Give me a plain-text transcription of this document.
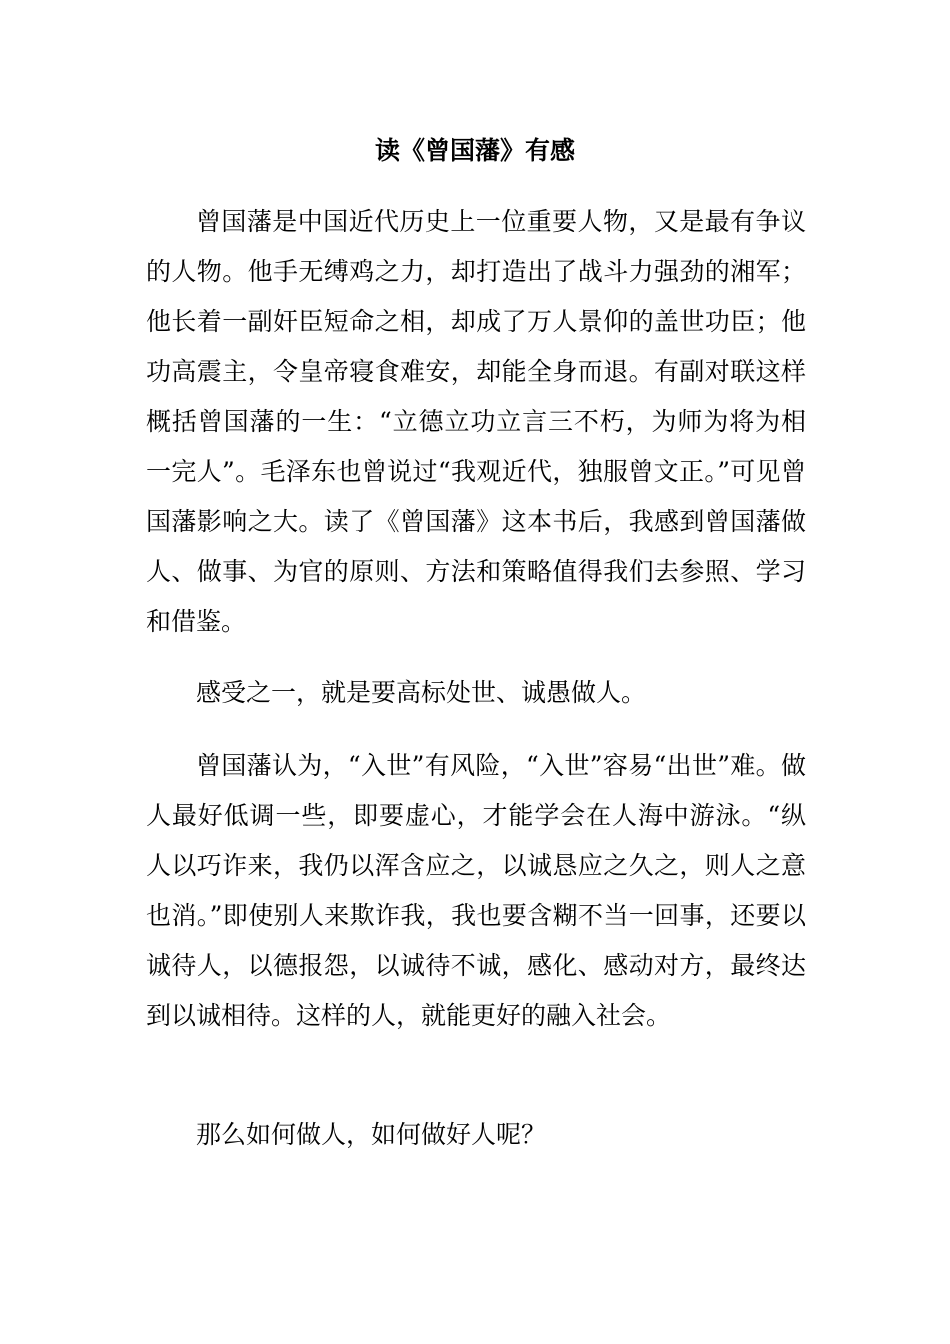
读《曾国藩》有感

曾国藩是中国近代历史上一位重要人物，又是最有争议的人物。他手无缚鸡之力，却打造出了战斗力强劲的湘军；他长着一副奸臣短命之相，却成了万人景仰的盖世功臣；他功高震主，令皇帝寝食难安，却能全身而退。有副对联这样概括曾国藩的一生：“立德立功立言三不朽，为师为将为相一完人”。毛泽东也曾说过“我观近代，独服曾文正。”可见曾国藩影响之大。读了《曾国藩》这本书后，我感到曾国藩做人、做事、为官的原则、方法和策略值得我们去参照、学习和借鉴。

感受之一，就是要高标处世、诚愚做人。

曾国藩认为，“入世”有风险，“入世”容易“出世”难。做人最好低调一些，即要虚心，才能学会在人海中游泳。“纵人以巧诈来，我仍以浑含应之，以诚恳应之久之，则人之意也消。”即使别人来欺诈我，我也要含糊不当一回事，还要以诚待人，以德报怨，以诚待不诚，感化、感动对方，最终达到以诚相待。这样的人，就能更好的融入社会。

那么如何做人，如何做好人呢？
